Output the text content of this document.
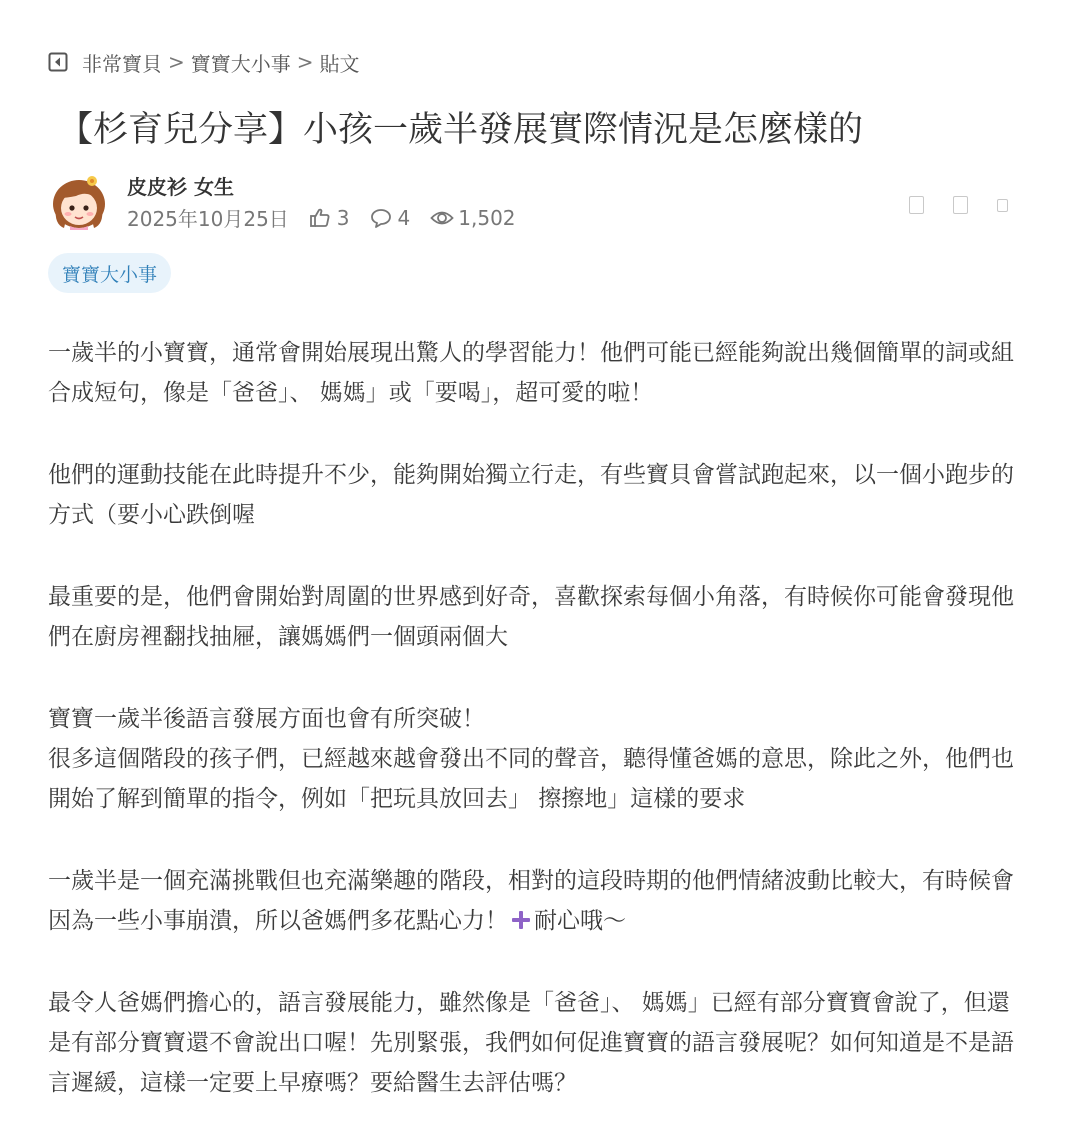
非常寶貝 > 寶寶大小事 > 貼文
【杉育兒分享】小孩一歲半發展實際情況是怎麼樣的
皮皮衫 女生
2025年10月25日 3 4 1,502
寶寶大小事

一歲半的小寶寶，通常會開始展現出驚人的學習能力！他們可能已經能夠說出幾個簡單的詞或組合成短句，像是「爸爸」、 媽媽」或「要喝」，超可愛的啦！

他們的運動技能在此時提升不少，能夠開始獨立行走，有些寶貝會嘗試跑起來，以一個小跑步的方式（要小心跌倒喔

最重要的是，他們會開始對周圍的世界感到好奇，喜歡探索每個小角落，有時候你可能會發現他們在廚房裡翻找抽屜，讓媽媽們一個頭兩個大

寶寶一歲半後語言發展方面也會有所突破！
很多這個階段的孩子們，已經越來越會發出不同的聲音，聽得懂爸媽的意思，除此之外，他們也開始了解到簡單的指令，例如「把玩具放回去」 擦擦地」這樣的要求

一歲半是一個充滿挑戰但也充滿樂趣的階段，相對的這段時期的他們情緒波動比較大，有時候會因為一些小事崩潰，所以爸媽們多花點心力！ 耐心哦～

最令人爸媽們擔心的，語言發展能力，雖然像是「爸爸」、 媽媽」已經有部分寶寶會說了，但還是有部分寶寶還不會說出口喔！先別緊張，我們如何促進寶寶的語言發展呢？如何知道是不是語言遲緩，這樣一定要上早療嗎？要給醫生去評估嗎？
